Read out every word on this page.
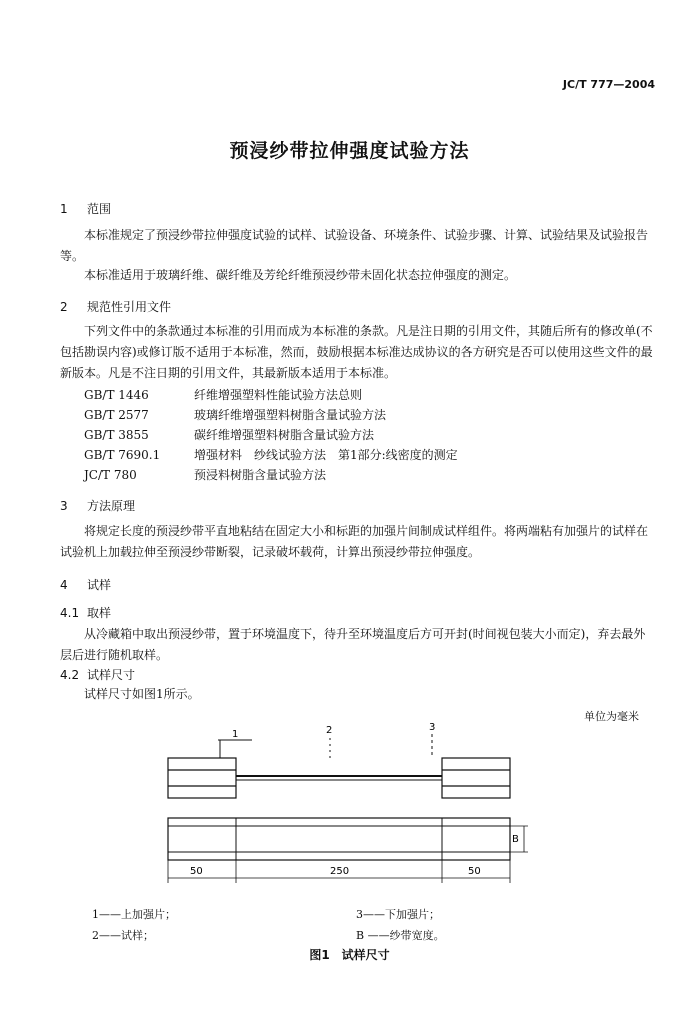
JC/T 777—2004
预浸纱带拉伸强度试验方法
1 范围
本标准规定了预浸纱带拉伸强度试验的试样、试验设备、环境条件、试验步骤、计算、试验结果及试验报告等。
本标准适用于玻璃纤维、碳纤维及芳纶纤维预浸纱带未固化状态拉伸强度的测定。
2 规范性引用文件
下列文件中的条款通过本标准的引用而成为本标准的条款。凡是注日期的引用文件，其随后所有的修改单(不包括勘误内容)或修订版不适用于本标准，然而，鼓励根据本标准达成协议的各方研究是否可以使用这些文件的最新版本。凡是不注日期的引用文件，其最新版本适用于本标准。
GB/T 1446	纤维增强塑料性能试验方法总则
GB/T 2577	玻璃纤维增强塑料树脂含量试验方法
GB/T 3855	碳纤维增强塑料树脂含量试验方法
GB/T 7690.1	增强材料　纱线试验方法　第1部分:线密度的测定
JC/T 780	预浸料树脂含量试验方法
3 方法原理
将规定长度的预浸纱带平直地粘结在固定大小和标距的加强片间制成试样组件。将两端粘有加强片的试样在试验机上加载拉伸至预浸纱带断裂，记录破坏载荷，计算出预浸纱带拉伸强度。
4 试样
4.1 取样
从冷藏箱中取出预浸纱带，置于环境温度下，待升至环境温度后方可开封(时间视包装大小而定)，弃去最外层后进行随机取样。
4.2 试样尺寸
试样尺寸如图1所示。
单位为毫米
1	2	3
B
50	250	50
1——上加强片；
2——试样；
3——下加强片；
B ——纱带宽度。
图1　试样尺寸
